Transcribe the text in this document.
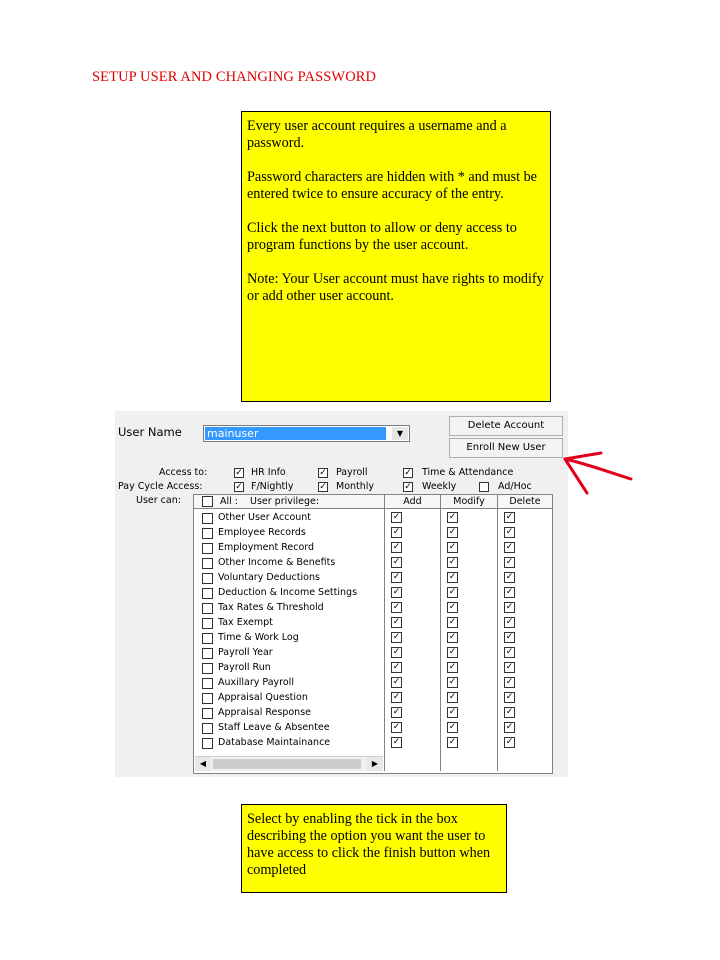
SETUP USER AND CHANGING PASSWORD

Every user account requires a username and a password.

Password characters are hidden with * and must be entered twice to ensure accuracy of the entry.

Click the next button to allow or deny access to program functions by the user account.

Note: Your User account must have rights to modify or add other user account.

User Name mainuser	▼
Delete Account
Enroll New User
Access to:	✓ HR Info	✓ Payroll	✓ Time & Attendance
Pay Cycle Access:	✓ F/Nightly	✓ Monthly	✓ Weekly	Ad/Hoc
User can:	All : User privilege:	Add	Modify	Delete
Other User Account	✓	✓	✓
Employee Records	✓	✓	✓
Employment Record	✓	✓	✓
Other Income & Benefits	✓	✓	✓
Voluntary Deductions	✓	✓	✓
Deduction & Income Settings	✓	✓	✓
Tax Rates & Threshold	✓	✓	✓
Tax Exempt	✓	✓	✓
Time & Work Log	✓	✓	✓
Payroll Year	✓	✓	✓
Payroll Run	✓	✓	✓
Auxillary Payroll	✓	✓	✓
Appraisal Question	✓	✓	✓
Appraisal Response	✓	✓	✓
Staff Leave & Absentee	✓	✓	✓
Database Maintainance	✓	✓	✓
◀	▶

Select by enabling the tick in the box describing the option you want the user to have access to click the finish button when completed
